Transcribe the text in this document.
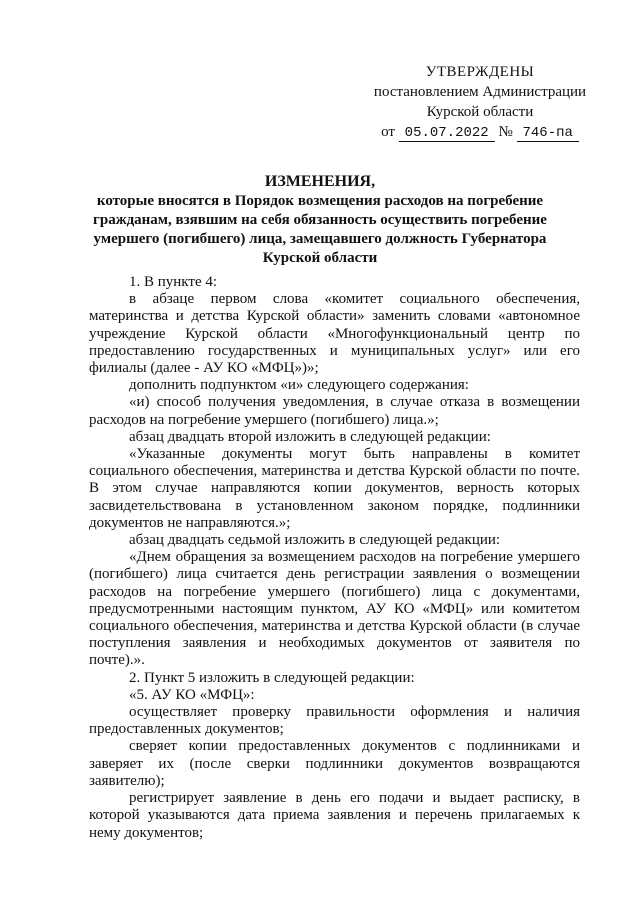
УТВЕРЖДЕНЫ
постановлением Администрации
Курской области
от 05.07.2022 № 746-па
ИЗМЕНЕНИЯ,
которые вносятся в Порядок возмещения расходов на погребение гражданам, взявшим на себя обязанность осуществить погребение умершего (погибшего) лица, замещавшего должность Губернатора Курской области

1. В пункте 4:

в абзаце первом слова «комитет социального обеспечения, материнства и детства Курской области» заменить словами «автономное учреждение Курской области «Многофункциональный центр по предоставлению государственных и муниципальных услуг» или его филиалы (далее - АУ КО «МФЦ»)»;

дополнить подпунктом «и» следующего содержания:

«и) способ получения уведомления, в случае отказа в возмещении расходов на погребение умершего (погибшего) лица.»;

абзац двадцать второй изложить в следующей редакции:

«Указанные документы могут быть направлены в комитет социального обеспечения, материнства и детства Курской области по почте. В этом случае направляются копии документов, верность которых засвидетельствована в установленном законом порядке, подлинники документов не направляются.»;

абзац двадцать седьмой изложить в следующей редакции:

«Днем обращения за возмещением расходов на погребение умершего (погибшего) лица считается день регистрации заявления о возмещении расходов на погребение умершего (погибшего) лица с документами, предусмотренными настоящим пунктом, АУ КО «МФЦ» или комитетом социального обеспечения, материнства и детства Курской области (в случае поступления заявления и необходимых документов от заявителя по почте).».

2. Пункт 5 изложить в следующей редакции:

«5. АУ КО «МФЦ»:

осуществляет проверку правильности оформления и наличия предоставленных документов;

сверяет копии предоставленных документов с подлинниками и заверяет их (после сверки подлинники документов возвращаются заявителю);

регистрирует заявление в день его подачи и выдает расписку, в которой указываются дата приема заявления и перечень прилагаемых к нему документов;
